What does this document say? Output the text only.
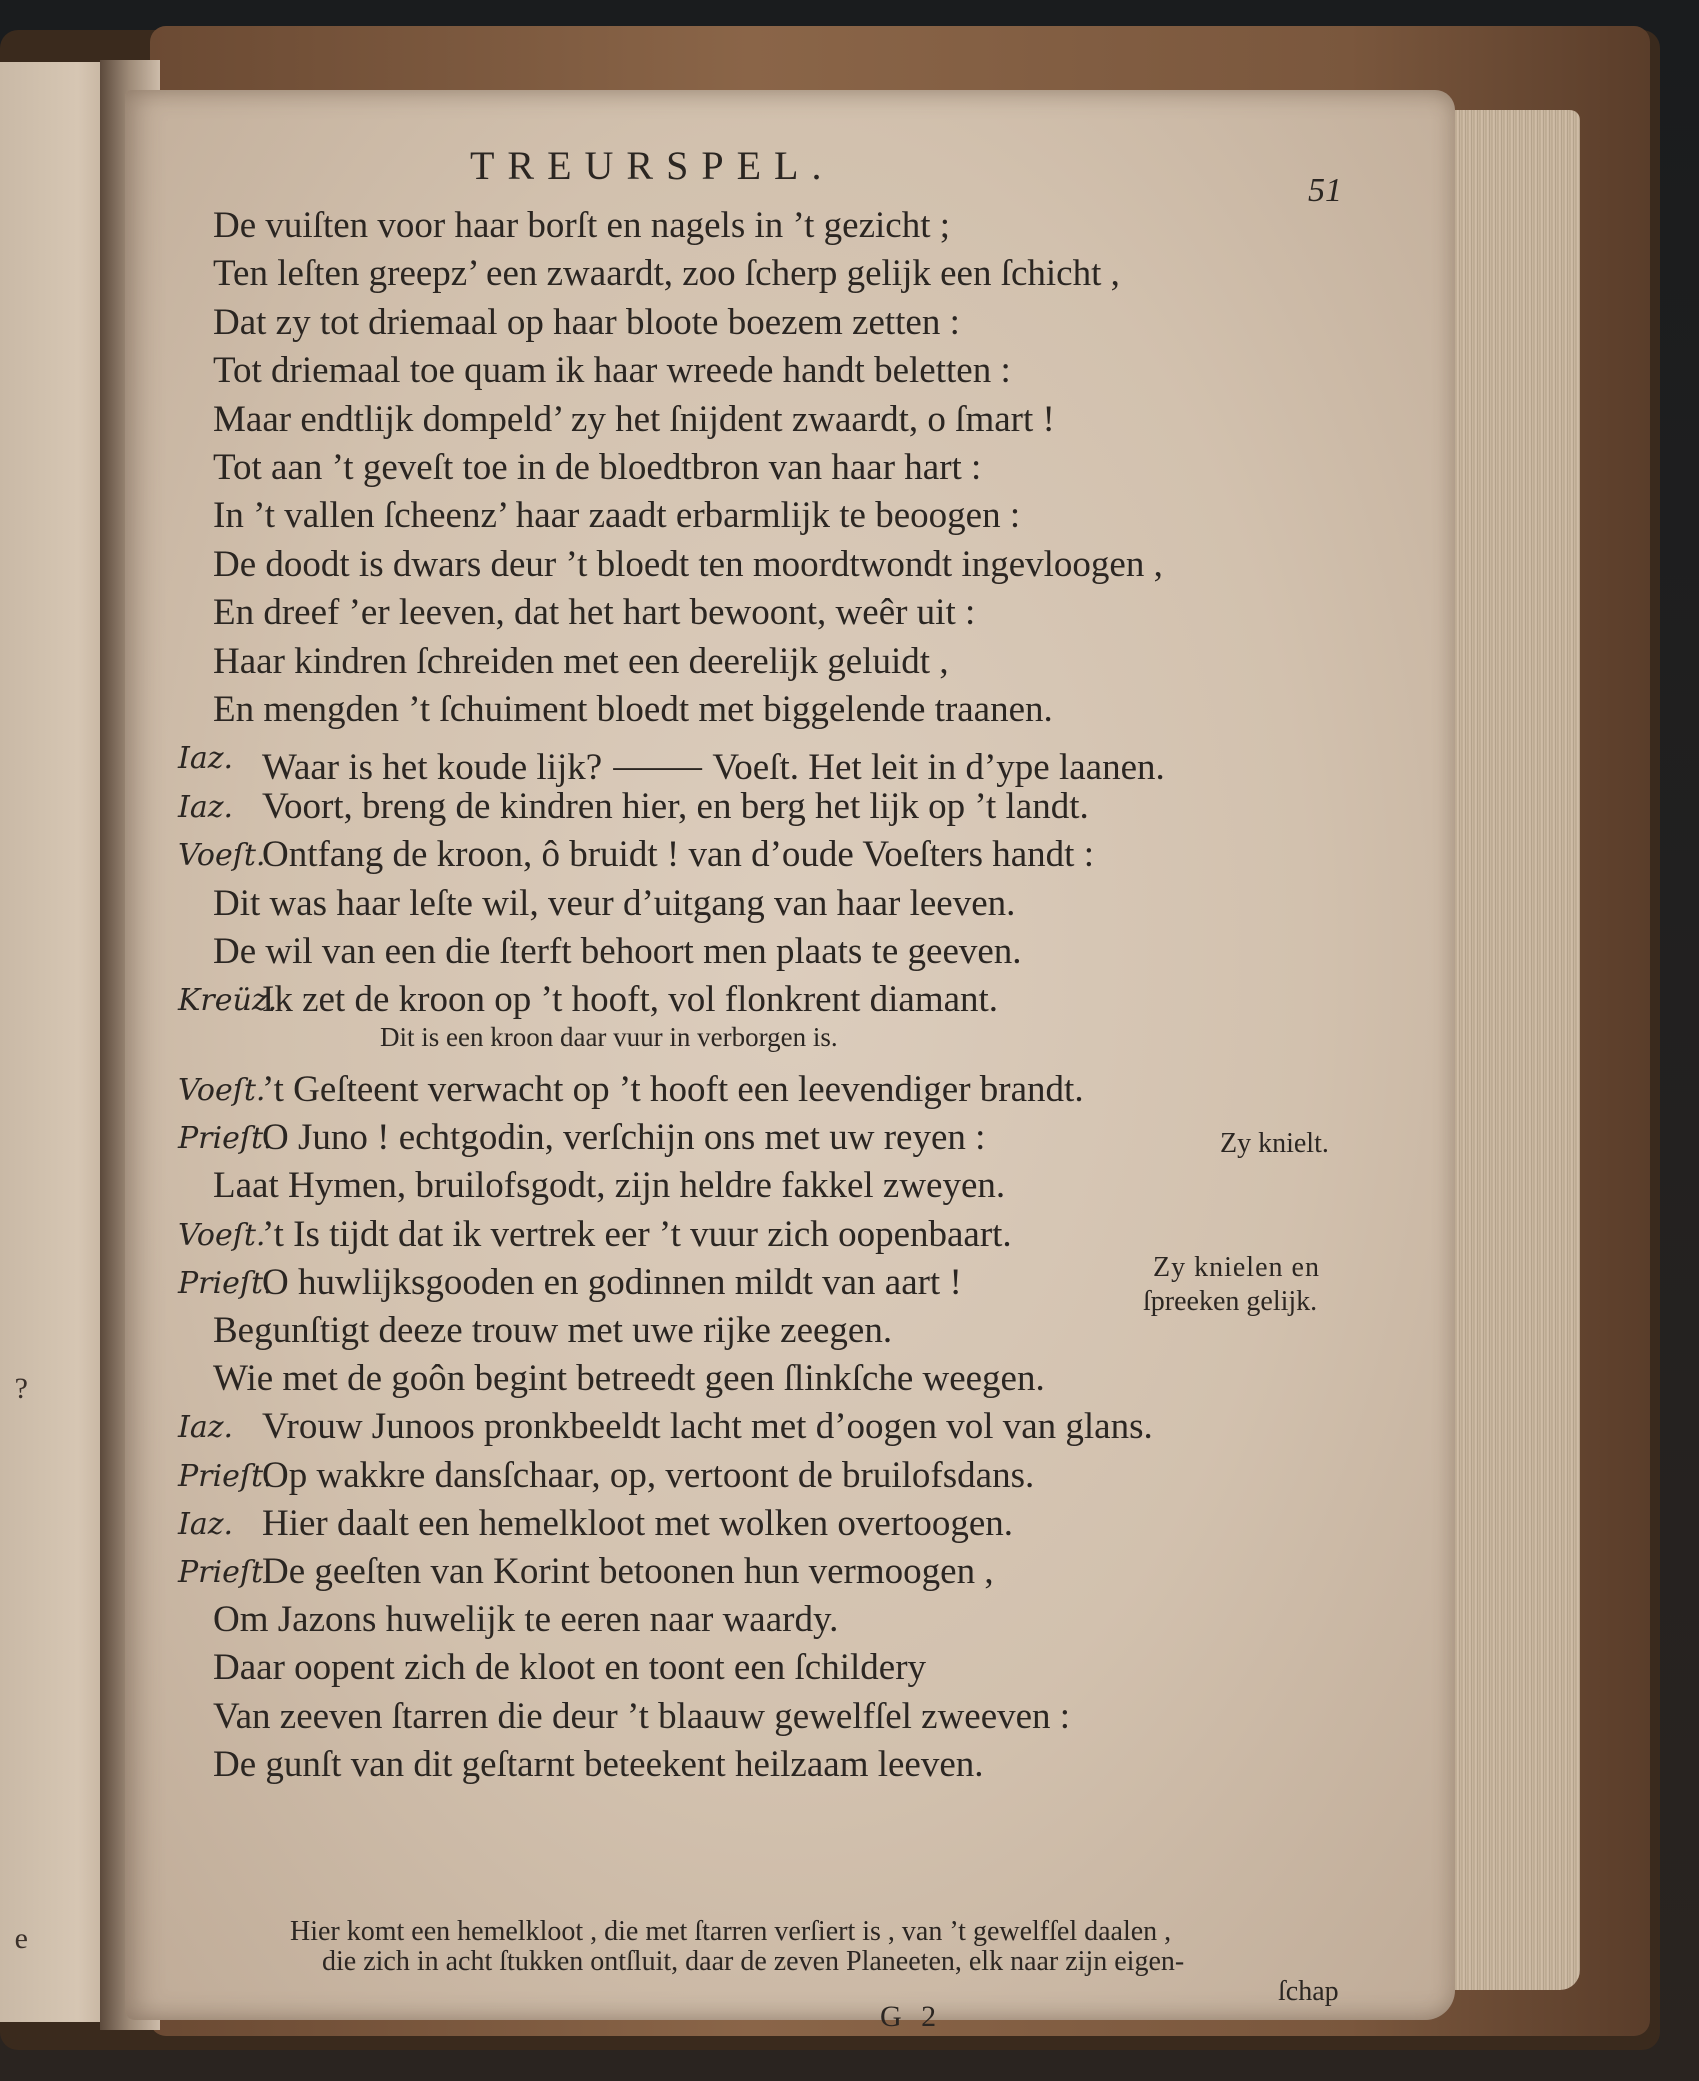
?
e
TREURSPEL.
51
De vuiſten voor haar borſt en nagels in ’t gezicht ;
Ten leſten greepz’ een zwaardt, zoo ſcherp gelijk een ſchicht ,
Dat zy tot driemaal op haar bloote boezem zetten :
Tot driemaal toe quam ik haar wreede handt beletten :
Maar endtlijk dompeld’ zy het ſnijdent zwaardt, o ſmart !
Tot aan ’t geveſt toe in de bloedtbron van haar hart :
In ’t vallen ſcheenz’ haar zaadt erbarmlijk te beoogen :
De doodt is dwars deur ’t bloedt ten moordtwondt ingevloogen ,
En dreef ’er leeven, dat het hart bewoont, weêr uit :
Haar kindren ſchreiden met een deerelijk geluidt ,
En mengden ’t ſchuiment bloedt met biggelende traanen.
Iaz. Waar is het koude lijk? ⸻ Voeſt. Het leit in d’ype laanen.
Iaz. Voort, breng de kindren hier, en berg het lijk op ’t landt.
Voeſt.
Ontfang de kroon, ô bruidt ! van d’oude Voeſters handt :
Dit was haar leſte wil, veur d’uitgang van haar leeven.
De wil van een die ſterft behoort men plaats te geeven.
Kreüz.
Ik zet de kroon op ’t hooft, vol flonkrent diamant.
Dit is een kroon daar vuur in verborgen is.
Voeſt.
’t Geſteent verwacht op ’t hooft een leevendiger brandt.
Prieſt.
O Juno ! echtgodin, verſchijn ons met uw reyen :
Laat Hymen, bruilofsgodt, zijn heldre fakkel zweyen.
Voeſt.
’t Is tijdt dat ik vertrek eer ’t vuur zich oopenbaart.
Prieſt.
O huwlijksgooden en godinnen mildt van aart !
Begunſtigt deeze trouw met uwe rijke zeegen.
Wie met de goôn begint betreedt geen ſlinkſche weegen.
Iaz. Vrouw Junoos pronkbeeldt lacht met d’oogen vol van glans.
Prieſt.
Op wakkre dansſchaar, op, vertoont de bruilofsdans.
Iaz. Hier daalt een hemelkloot met wolken overtoogen.
Prieſt.
De geeſten van Korint betoonen hun vermoogen ,
Om Jazons huwelijk te eeren naar waardy.
Daar oopent zich de kloot en toont een ſchildery
Van zeeven ſtarren die deur ’t blaauw gewelfſel zweeven :
De gunſt van dit geſtarnt beteekent heilzaam leeven.
Zy knielt.
Zy knielen en
ſpreeken gelijk.
Hier komt een hemelkloot , die met ſtarren verſiert is , van ’t gewelfſel daalen ,
die zich in acht ſtukken ontſluit, daar de zeven Planeeten, elk naar zijn eigen-
ſchap
G 2
